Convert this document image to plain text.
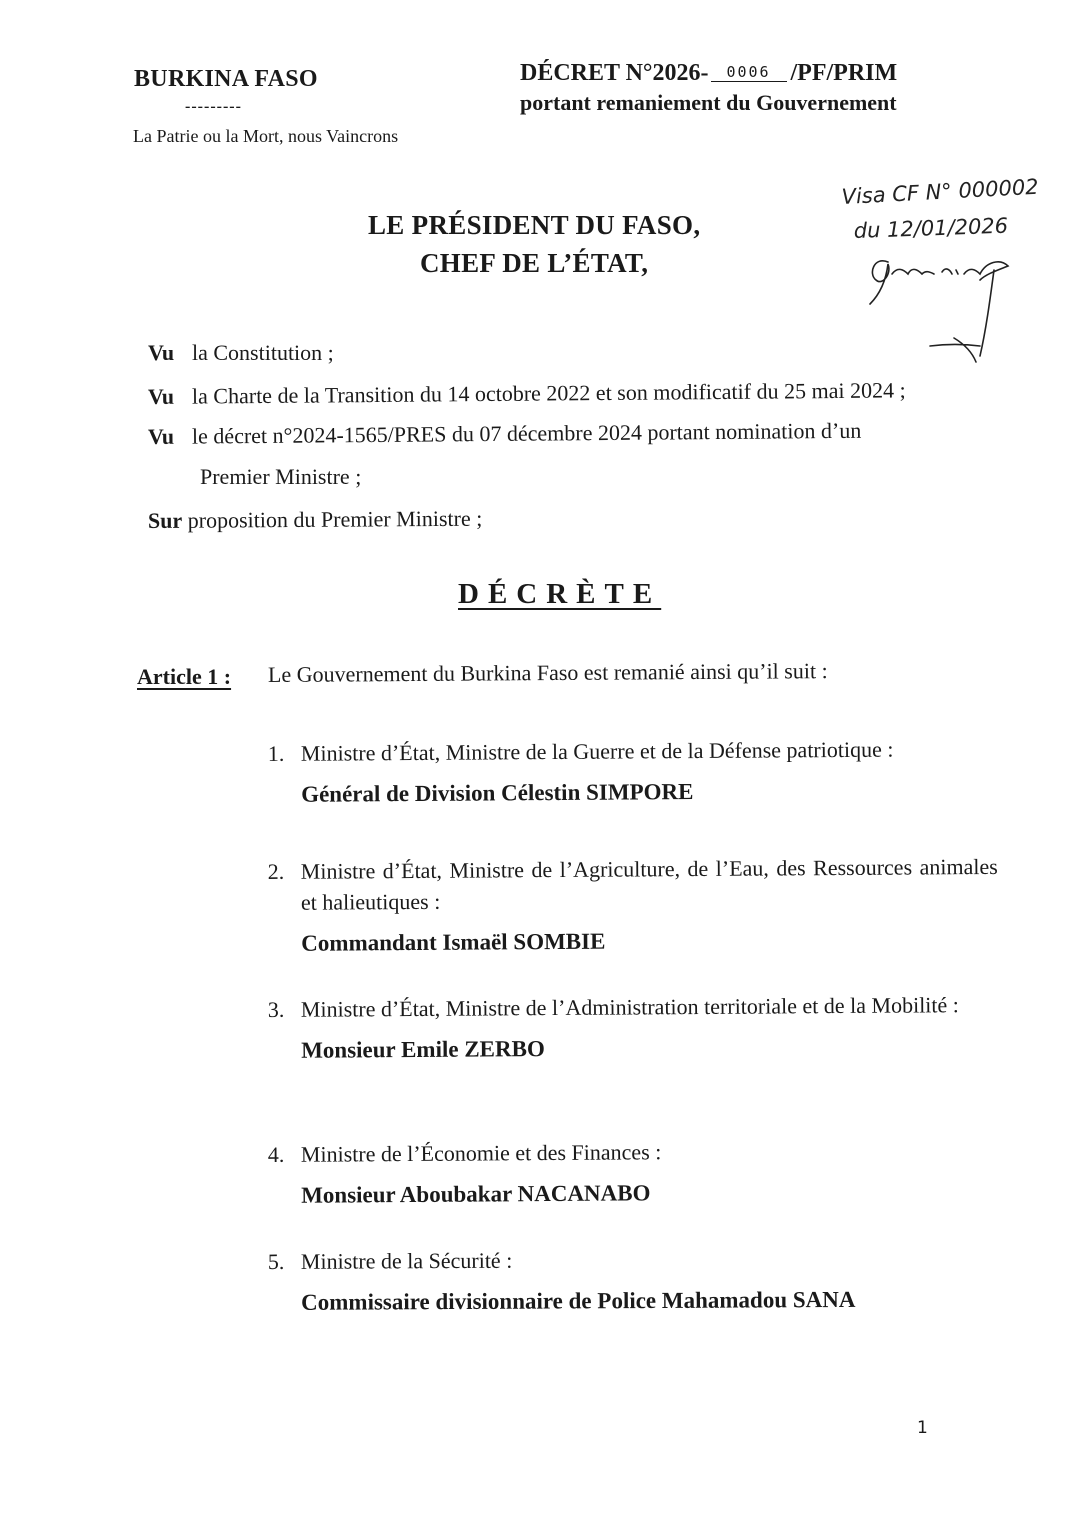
BURKINA FASO
---------
La Patrie ou la Mort, nous Vaincrons
DÉCRET N°2026- 0006 /PF/PRIM
portant remaniement du Gouvernement
LE PRÉSIDENT DU FASO,
CHEF DE L’ÉTAT,
Visa CF N° 000002
du 12/01/2026
Vu la Constitution ;
Vu la Charte de la Transition du 14 octobre 2022 et son modificatif du 25 mai 2024 ;
Vu le décret n°2024-1565/PRES du 07 décembre 2024 portant nomination d’un
Premier Ministre ;
Sur proposition du Premier Ministre ;
DÉCRÈTE
Article 1 : Le Gouvernement du Burkina Faso est remanié ainsi qu’il suit :
1. Ministre d’État, Ministre de la Guerre et de la Défense patriotique :
Général de Division Célestin SIMPORE
2. Ministre d’État, Ministre de l’Agriculture, de l’Eau, des Ressources animales et halieutiques :
Commandant Ismaël SOMBIE
3. Ministre d’État, Ministre de l’Administration territoriale et de la Mobilité :
Monsieur Emile ZERBO
4. Ministre de l’Économie et des Finances :
Monsieur Aboubakar NACANABO
5. Ministre de la Sécurité :
Commissaire divisionnaire de Police Mahamadou SANA
1
